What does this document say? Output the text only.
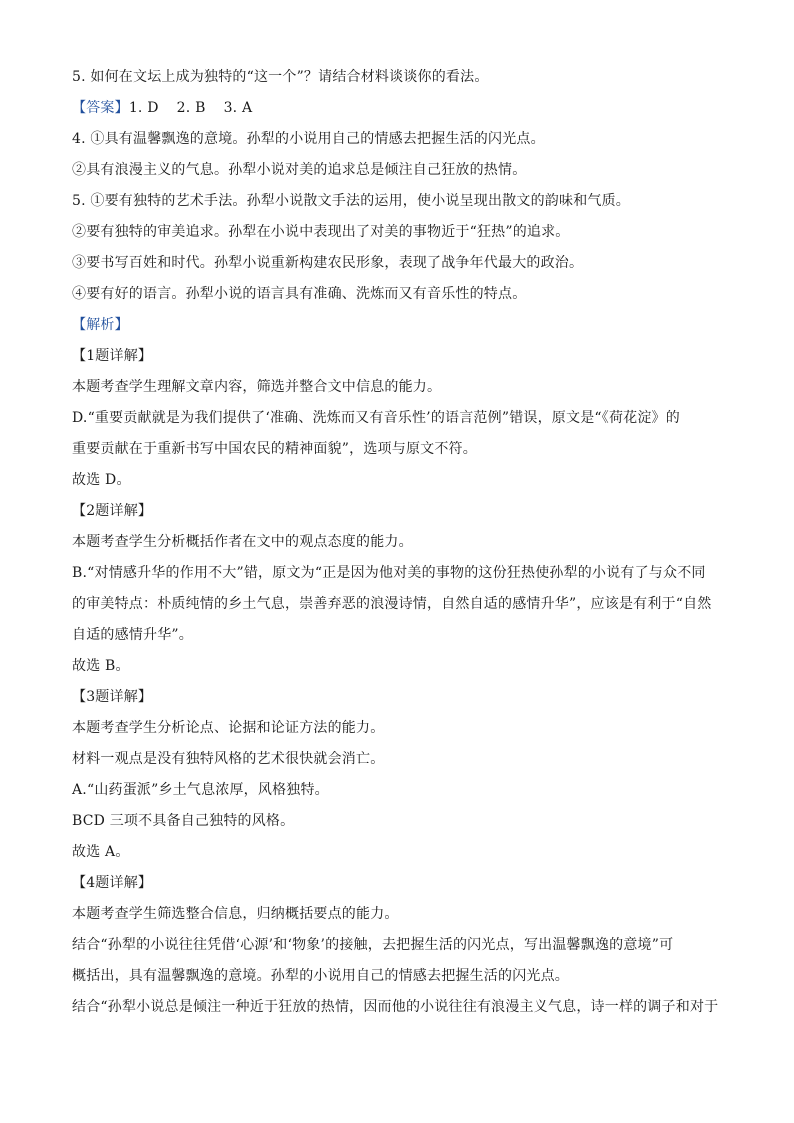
5. 如何在文坛上成为独特的“这一个”？请结合材料谈谈你的看法。
【答案】1. D 2. B 3. A
4. ①具有温馨飘逸的意境。孙犁的小说用自己的情感去把握生活的闪光点。
②具有浪漫主义的气息。孙犁小说对美的追求总是倾注自己狂放的热情。
5. ①要有独特的艺术手法。孙犁小说散文手法的运用，使小说呈现出散文的韵味和气质。
②要有独特的审美追求。孙犁在小说中表现出了对美的事物近于“狂热”的追求。
③要书写百姓和时代。孙犁小说重新构建农民形象，表现了战争年代最大的政治。
④要有好的语言。孙犁小说的语言具有准确、洗炼而又有音乐性的特点。
【解析】
【1题详解】
本题考查学生理解文章内容，筛选并整合文中信息的能力。
D.“重要贡献就是为我们提供了‘准确、洗炼而又有音乐性’的语言范例”错误，原文是“《荷花淀》的
重要贡献在于重新书写中国农民的精神面貌”，选项与原文不符。
故选 D。
【2题详解】
本题考查学生分析概括作者在文中的观点态度的能力。
B.“对情感升华的作用不大”错，原文为“正是因为他对美的事物的这份狂热使孙犁的小说有了与众不同
的审美特点：朴质纯情的乡土气息，崇善弃恶的浪漫诗情，自然自适的感情升华”，应该是有利于“自然
自适的感情升华”。
故选 B。
【3题详解】
本题考查学生分析论点、论据和论证方法的能力。
材料一观点是没有独特风格的艺术很快就会消亡。
A.“山药蛋派”乡土气息浓厚，风格独特。
BCD 三项不具备自己独特的风格。
故选 A。
【4题详解】
本题考查学生筛选整合信息，归纳概括要点的能力。
结合“孙犁的小说往往凭借‘心源’和‘物象’的接触，去把握生活的闪光点，写出温馨飘逸的意境”可
概括出，具有温馨飘逸的意境。孙犁的小说用自己的情感去把握生活的闪光点。
结合“孙犁小说总是倾注一种近于狂放的热情，因而他的小说往往有浪漫主义气息，诗一样的调子和对于
